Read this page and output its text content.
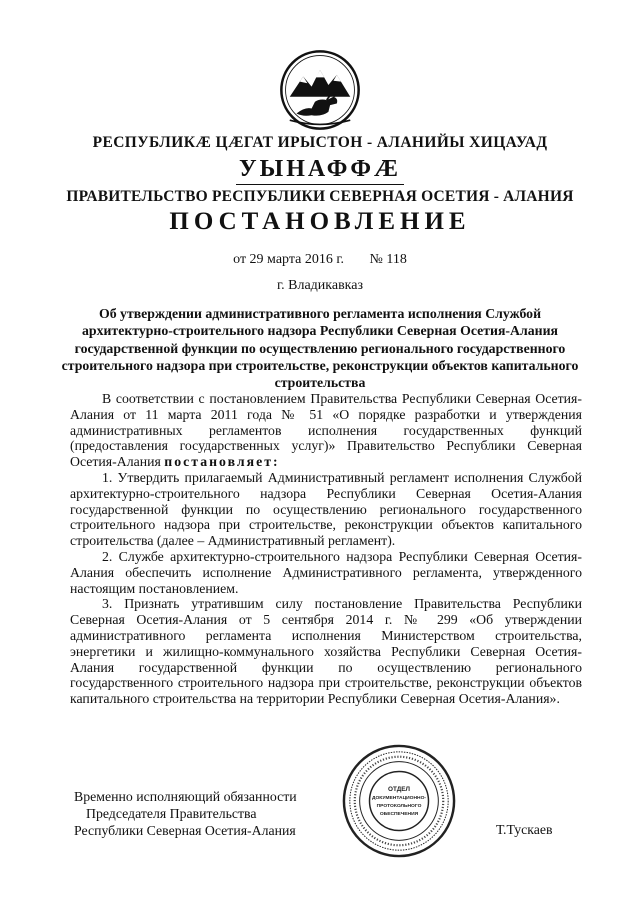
РЕСПУБЛИКÆ ЦÆГАТ ИРЫСТОН - АЛАНИЙЫ ХИЦАУАД
УЫНАФФÆ
ПРАВИТЕЛЬСТВО РЕСПУБЛИКИ СЕВЕРНАЯ ОСЕТИЯ - АЛАНИЯ
ПОСТАНОВЛЕНИЕ
от 29 марта 2016 г. № 118
г. Владикавказ
Об утверждении административного регламента исполнения Службой архитектурно-строительного надзора Республики Северная Осетия-Алания государственной функции по осуществлению регионального государственного строительного надзора при строительстве, реконструкции объектов капитального строительства

В соответствии с постановлением Правительства Республики Северная Осетия-Алания от 11 марта 2011 года № 51 «О порядке разработки и утверждения административных регламентов исполнения государственных функций (предоставления государственных услуг)» Правительство Республики Северная Осетия-Алания постановляет:

1. Утвердить прилагаемый Административный регламент исполнения Службой архитектурно-строительного надзора Республики Северная Осетия-Алания государственной функции по осуществлению регионального государственного строительного надзора при строительстве, реконструкции объектов капитального строительства (далее – Административный регламент).

2. Службе архитектурно-строительного надзора Республики Северная Осетия-Алания обеспечить исполнение Административного регламента, утвержденного настоящим постановлением.

3. Признать утратившим силу постановление Правительства Республики Северная Осетия-Алания от 5 сентября 2014 г. № 299 «Об утверждении административного регламента исполнения Министерством строительства, энергетики и жилищно-коммунального хозяйства Республики Северная Осетия-Алания государственной функции по осуществлению регионального государственного строительного надзора при строительстве, реконструкции объектов капитального строительства на территории Республики Северная Осетия-Алания».

Временно исполняющий обязанности
Председателя Правительства
Республики Северная Осетия-Алания
ОТДЕЛ
ДОКУМЕНТАЦИОННО-
ПРОТОКОЛЬНОГО
ОБЕСПЕЧЕНИЯ
Т.Тускаев
